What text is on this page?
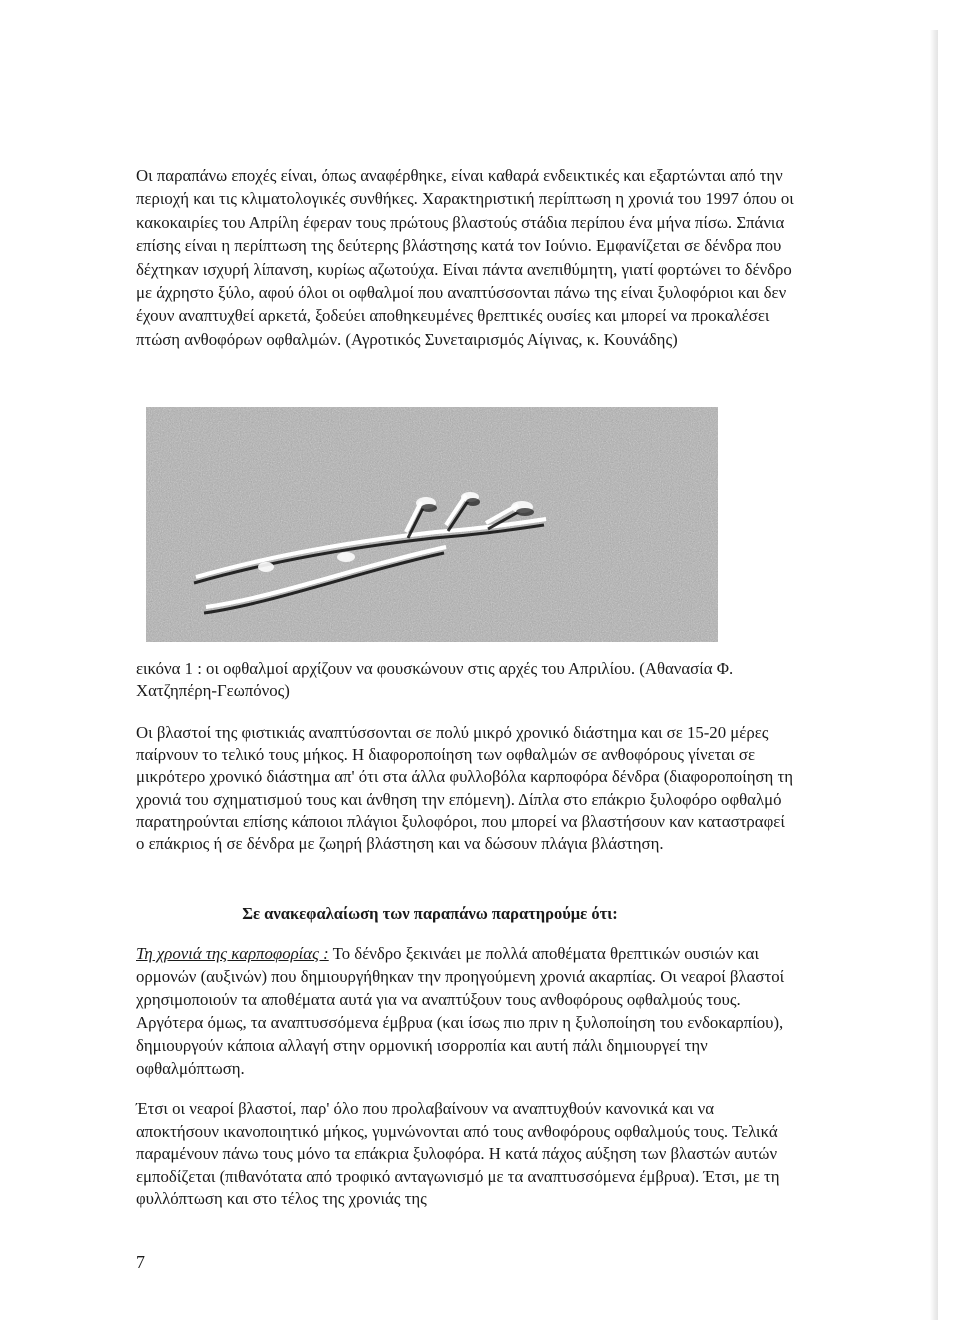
Οι παραπάνω εποχές είναι, όπως αναφέρθηκε, είναι καθαρά ενδεικτικές και εξαρτώνται από την περιοχή και τις κλιματολογικές συνθήκες. Χαρακτηριστική περίπτωση η χρονιά του 1997 όπου οι κακοκαιρίες του Απρίλη έφεραν τους πρώτους βλαστούς στάδια περίπου ένα μήνα πίσω. Σπάνια επίσης είναι η περίπτωση της δεύτερης βλάστησης κατά τον Ιούνιο. Εμφανίζεται σε δένδρα που δέχτηκαν ισχυρή λίπανση, κυρίως αζωτούχα. Είναι πάντα ανεπιθύμητη, γιατί φορτώνει το δένδρο με άχρηστο ξύλο, αφού όλοι οι οφθαλμοί που αναπτύσσονται πάνω της είναι ξυλοφόριοι και δεν έχουν αναπτυχθεί αρκετά, ξοδεύει αποθηκευμένες θρεπτικές ουσίες και μπορεί να προκαλέσει πτώση ανθοφόρων οφθαλμών. (Αγροτικός Συνεταιρισμός Αίγινας, κ. Κουνάδης)

εικόνα 1 : οι οφθαλμοί αρχίζουν να φουσκώνουν στις αρχές του Απριλίου. (Αθανασία Φ. Χατζηπέρη-Γεωπόνος)

Οι βλαστοί της φιστικιάς αναπτύσσονται σε πολύ μικρό χρονικό διάστημα και σε 15-20 μέρες παίρνουν το τελικό τους μήκος. Η διαφοροποίηση των οφθαλμών σε ανθοφόρους γίνεται σε μικρότερο χρονικό διάστημα απ' ότι στα άλλα φυλλοβόλα καρποφόρα δένδρα (διαφοροποίηση τη χρονιά του σχηματισμού τους και άνθηση την επόμενη). Δίπλα στο επάκριο ξυλοφόρο οφθαλμό παρατηρούνται επίσης κάποιοι πλάγιοι ξυλοφόροι, που μπορεί να βλαστήσουν καν καταστραφεί ο επάκριος ή σε δένδρα με ζωηρή βλάστηση και να δώσουν πλάγια βλάστηση.

Σε ανακεφαλαίωση των παραπάνω παρατηρούμε ότι:

Τη χρονιά της καρποφορίας : Το δένδρο ξεκινάει με πολλά αποθέματα θρεπτικών ουσιών και ορμονών (αυξινών) που δημιουργήθηκαν την προηγούμενη χρονιά ακαρπίας. Οι νεαροί βλαστοί χρησιμοποιούν τα αποθέματα αυτά για να αναπτύξουν τους ανθοφόρους οφθαλμούς τους. Αργότερα όμως, τα αναπτυσσόμενα έμβρυα (και ίσως πιο πριν η ξυλοποίηση του ενδοκαρπίου), δημιουργούν κάποια αλλαγή στην ορμονική ισορροπία και αυτή πάλι δημιουργεί την οφθαλμόπτωση.

Έτσι οι νεαροί βλαστοί, παρ' όλο που προλαβαίνουν να αναπτυχθούν κανονικά και να αποκτήσουν ικανοποιητικό μήκος, γυμνώνονται από τους ανθοφόρους οφθαλμούς τους. Τελικά παραμένουν πάνω τους μόνο τα επάκρια ξυλοφόρα. Η κατά πάχος αύξηση των βλαστών αυτών εμποδίζεται (πιθανότατα από τροφικό ανταγωνισμό με τα αναπτυσσόμενα έμβρυα). Έτσι, με τη φυλλόπτωση και στο τέλος της χρονιάς της

7
